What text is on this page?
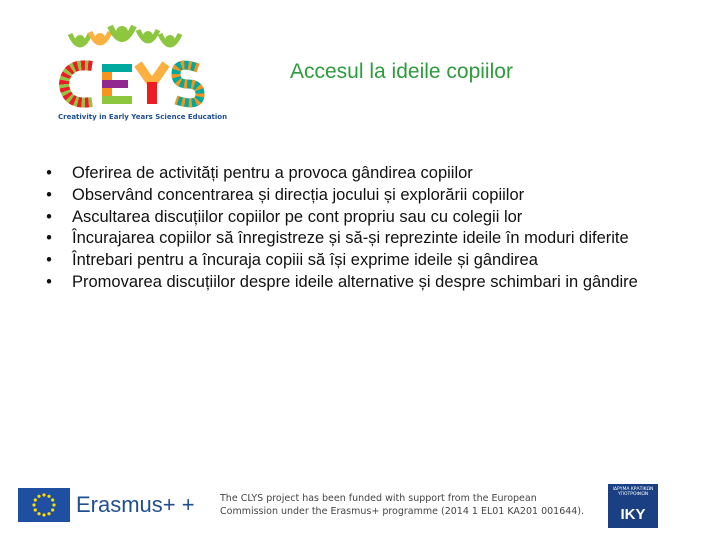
Creativity in Early Years Science Education
Accesul la ideile copiilor
• Oferirea de activități pentru a provoca gândirea copiilor
• Observând concentrarea și direcția jocului și explorării copiilor
• Ascultarea discuțiilor copiilor pe cont propriu sau cu colegii lor
• Încurajarea copiilor să înregistreze și să-și reprezinte ideile în moduri diferite
• Întrebari pentru a încuraja copiii să își exprime ideile și gândirea
• Promovarea discuțiilor despre ideile alternative și despre schimbari in gândire
Erasmus+ +	The CLYS project has been funded with support from the European
Commission under the Erasmus+ programme (2014 1 EL01 KA201 001644).
ΙΔΡΥΜΑ ΚΡΑΤΙΚΩΝ ΥΠΟΤΡΟΦΙΩΝ
IKY
